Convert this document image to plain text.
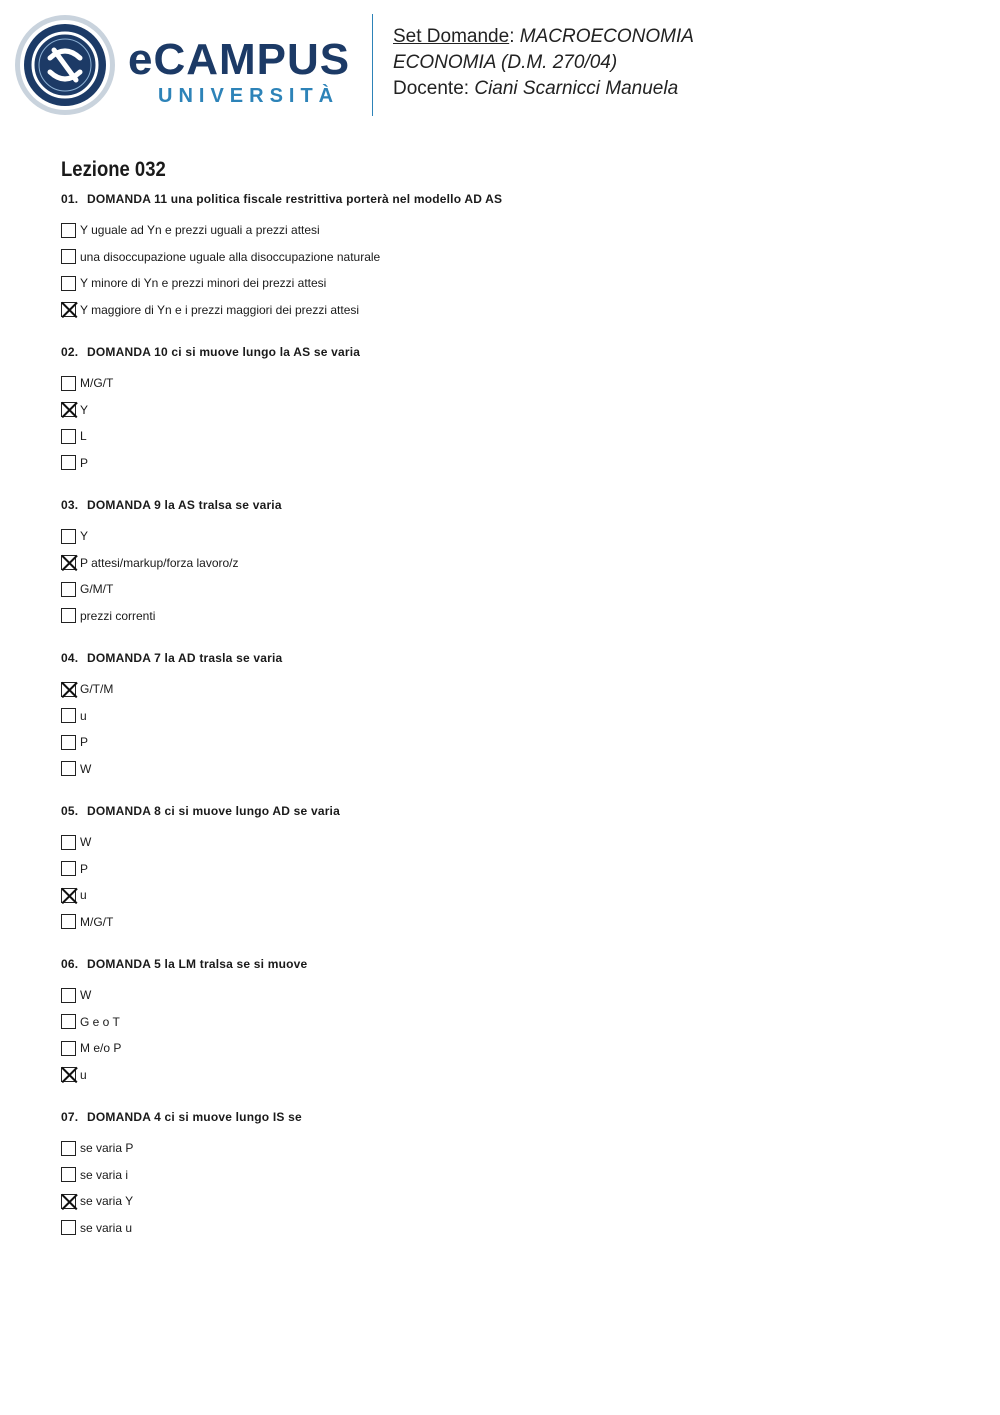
eCAMPUS
UNIVERSITÀ
Set Domande: MACROECONOMIA
ECONOMIA (D.M. 270/04)
Docente: Ciani Scarnicci Manuela
Lezione 032
01. DOMANDA 11 una politica fiscale restrittiva porterà nel modello AD AS
Y uguale ad Yn e prezzi uguali a prezzi attesi
una disoccupazione uguale alla disoccupazione naturale
Y minore di Yn e prezzi minori dei prezzi attesi
Y maggiore di Yn e i prezzi maggiori dei prezzi attesi
02. DOMANDA 10 ci si muove lungo la AS se varia
M/G/T
Y
L
P
03. DOMANDA 9 la AS tralsa se varia
Y
P attesi/markup/forza lavoro/z
G/M/T
prezzi correnti
04. DOMANDA 7 la AD trasla se varia
G/T/M
u
P
W
05. DOMANDA 8 ci si muove lungo AD se varia
W
P
u
M/G/T
06. DOMANDA 5 la LM tralsa se si muove
W
G e o T
M e/o P
u
07. DOMANDA 4 ci si muove lungo IS se
se varia P
se varia i
se varia Y
se varia u
